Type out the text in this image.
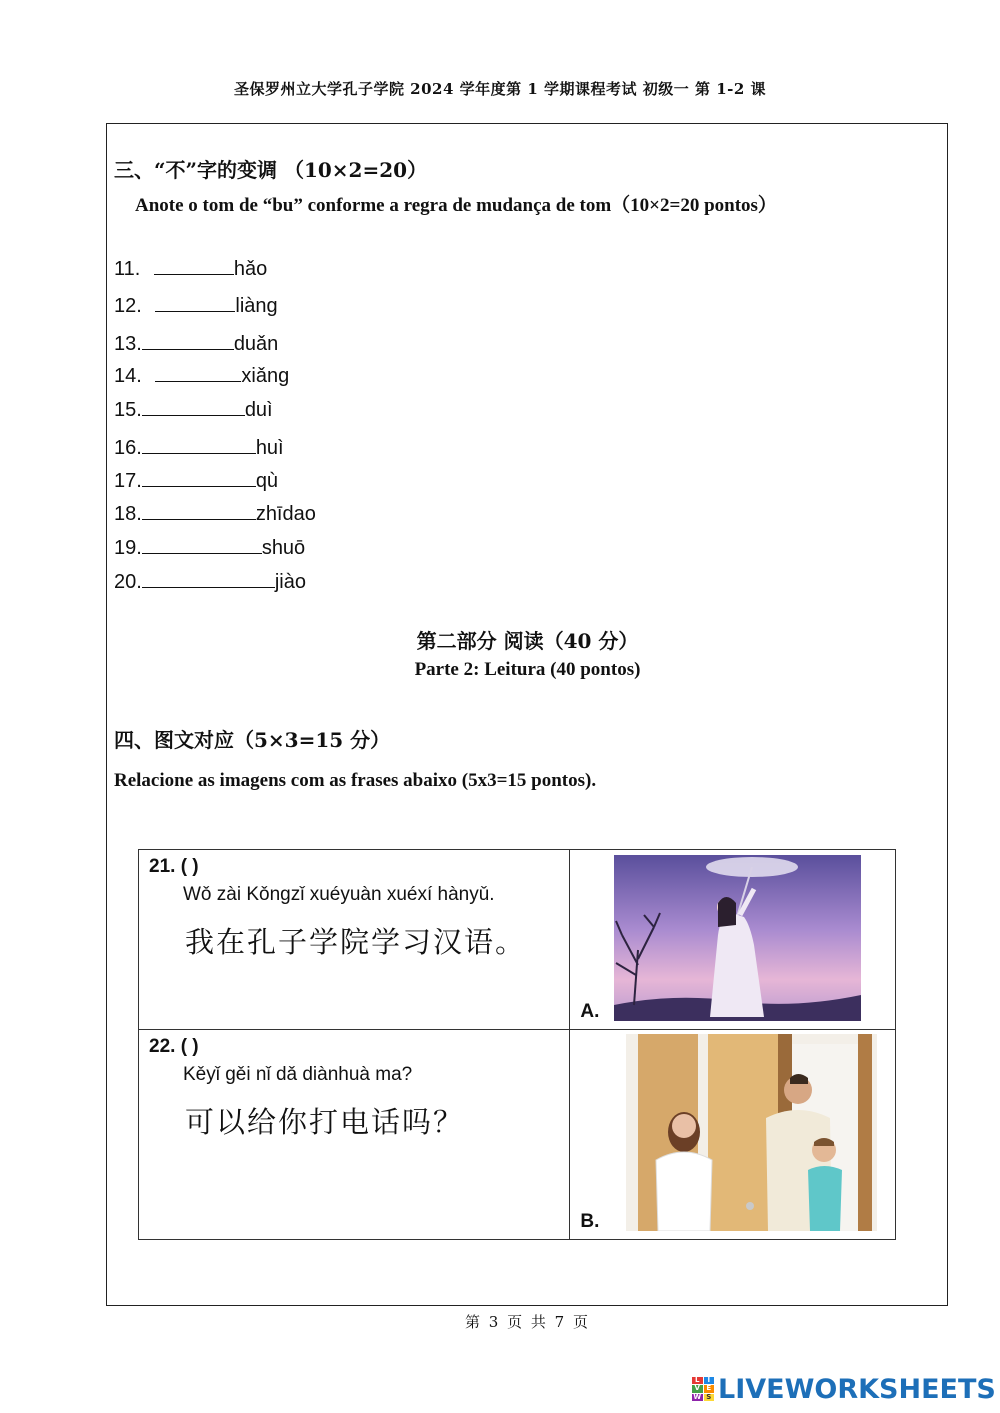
圣保罗州立大学孔子学院 2024 学年度第 1 学期课程考试 初级一 第 1-2 课
三、“不”字的变调 （10×2=20）
Anote o tom de “bu” conforme a regra de mudança de tom（10×2=20 pontos）
11.	hǎo
12.	liàng
13.	duǎn
14.	xiǎng
15.	duì
16.	huì
17.	qù
18.	zhīdao
19.	shuō
20.	jiào
第二部分 阅读（40 分）
Parte 2: Leitura (40 pontos)
四、图文对应（5×3=15 分）
Relacione as imagens com as frases abaixo (5x3=15 pontos).
21. ( )
Wǒ zài Kǒngzǐ xuéyuàn xuéxí hànyǔ.
我在孔子学院学习汉语。	A.

22. ( )
Kěyǐ gěi nǐ dǎ diànhuà ma?
可以给你打电话吗？	B.
第 3 页 共 7 页
L	I
V E
W S LIVEWORKSHEETS
